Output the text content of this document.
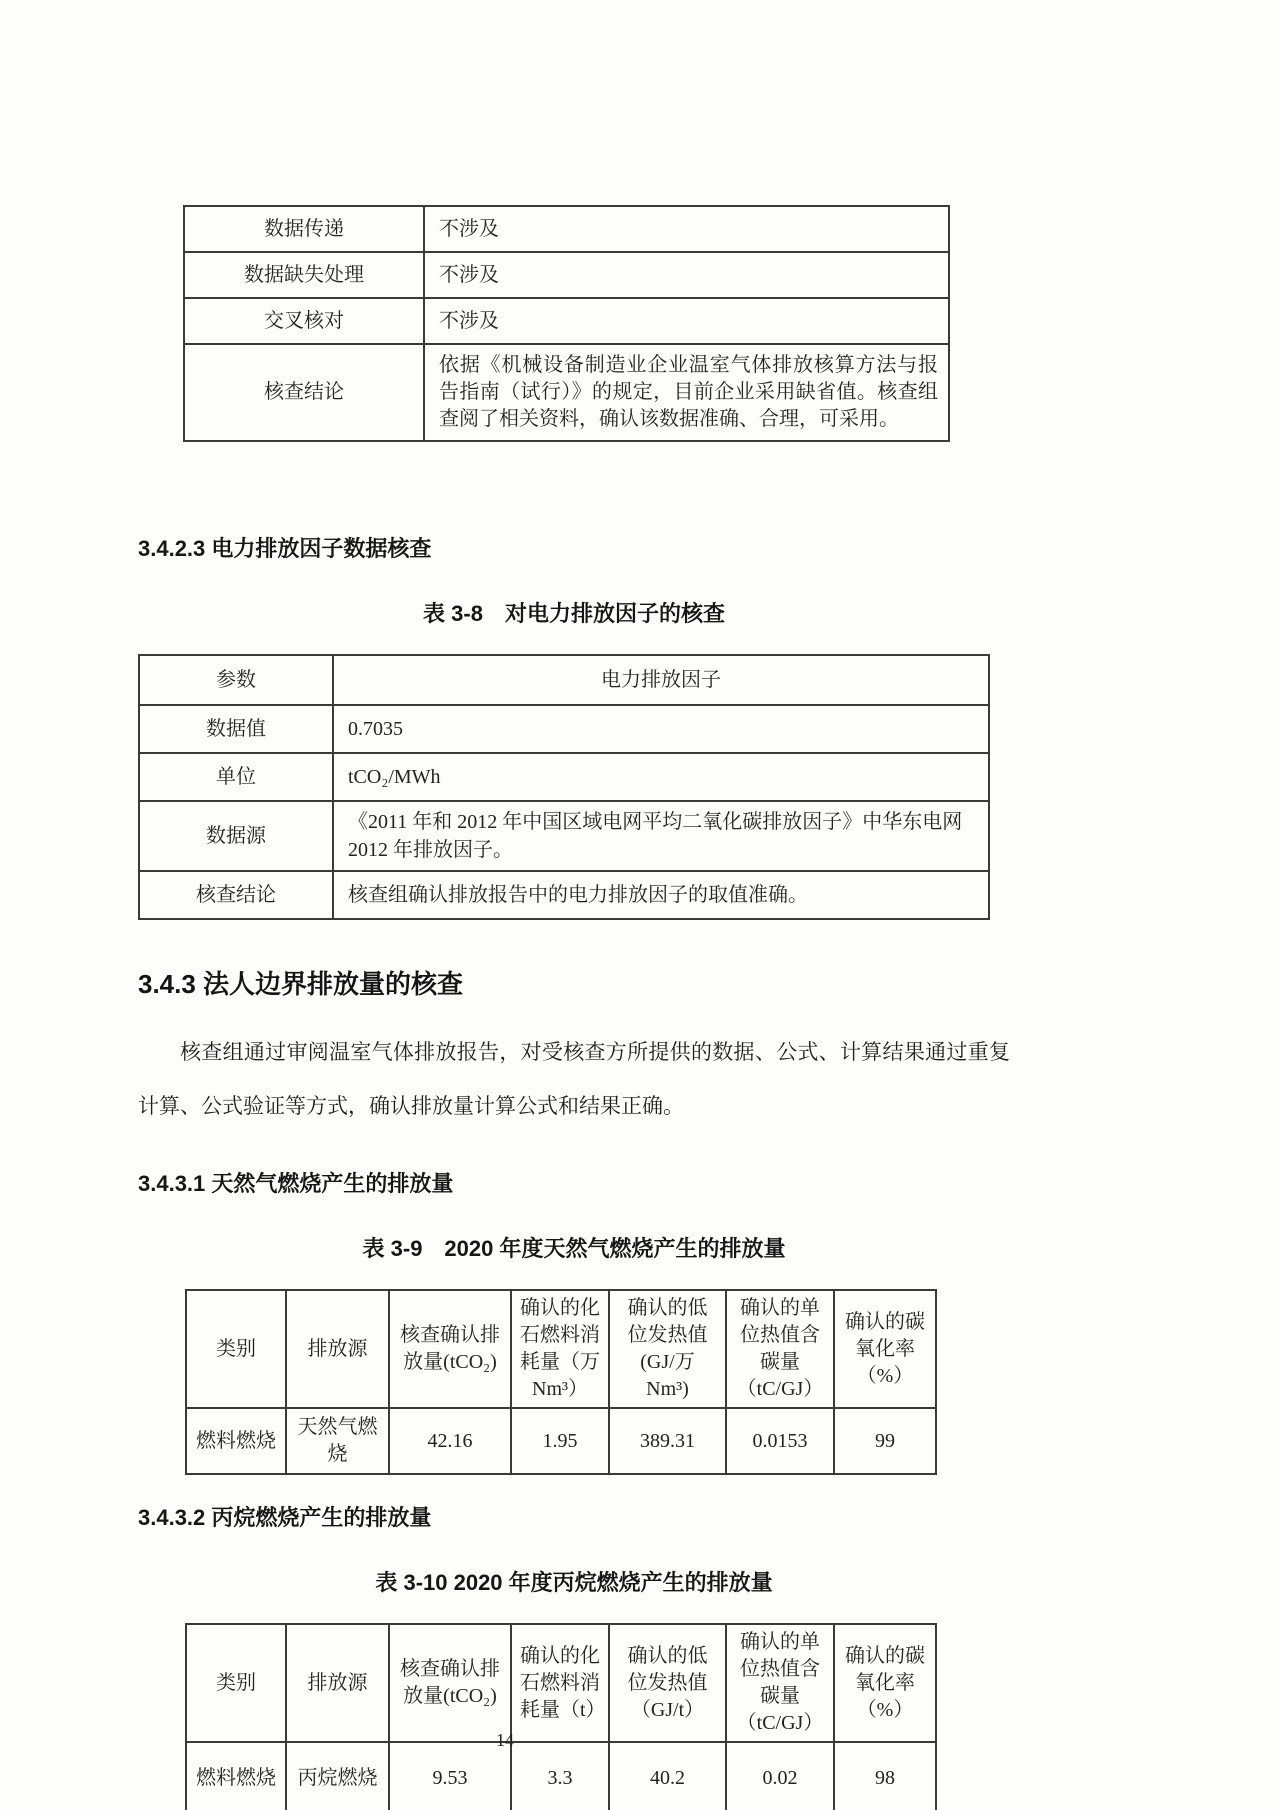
数据传递	不涉及
数据缺失处理	不涉及
交叉核对	不涉及
核查结论	依据《机械设备制造业企业温室气体排放核算方法与报告指南（试行）》的规定，目前企业采用缺省值。核查组查阅了相关资料，确认该数据准确、合理，可采用。
3.4.2.3 电力排放因子数据核查
表 3-8　对电力排放因子的核查
参数	电力排放因子
数据值	0.7035
单位	tCO₂/MWh
数据源	《2011 年和 2012 年中国区域电网平均二氧化碳排放因子》中华东电网 2012 年排放因子。
核查结论	核查组确认排放报告中的电力排放因子的取值准确。
3.4.3 法人边界排放量的核查

核查组通过审阅温室气体排放报告，对受核查方所提供的数据、公式、计算结果通过重复计算、公式验证等方式，确认排放量计算公式和结果正确。

3.4.3.1 天然气燃烧产生的排放量
表 3-9　2020 年度天然气燃烧产生的排放量
类别	排放源	核查确认排放量(tCO₂)	确认的化石燃料消耗量（万 Nm³）	确认的低位发热值(GJ/万 Nm³)	确认的单位热值含碳量（tC/GJ）	确认的碳氧化率（%）
燃料燃烧	天然气燃烧	42.16	1.95	389.31	0.0153	99
3.4.3.2 丙烷燃烧产生的排放量
表 3-10 2020 年度丙烷燃烧产生的排放量
类别	排放源	核查确认排放量(tCO₂)	确认的化石燃料消耗量（t）	确认的低位发热值（GJ/t）	确认的单位热值含碳量（tC/GJ）	确认的碳氧化率（%）
燃料燃烧	丙烷燃烧	9.53	3.3	40.2	0.02	98
14
